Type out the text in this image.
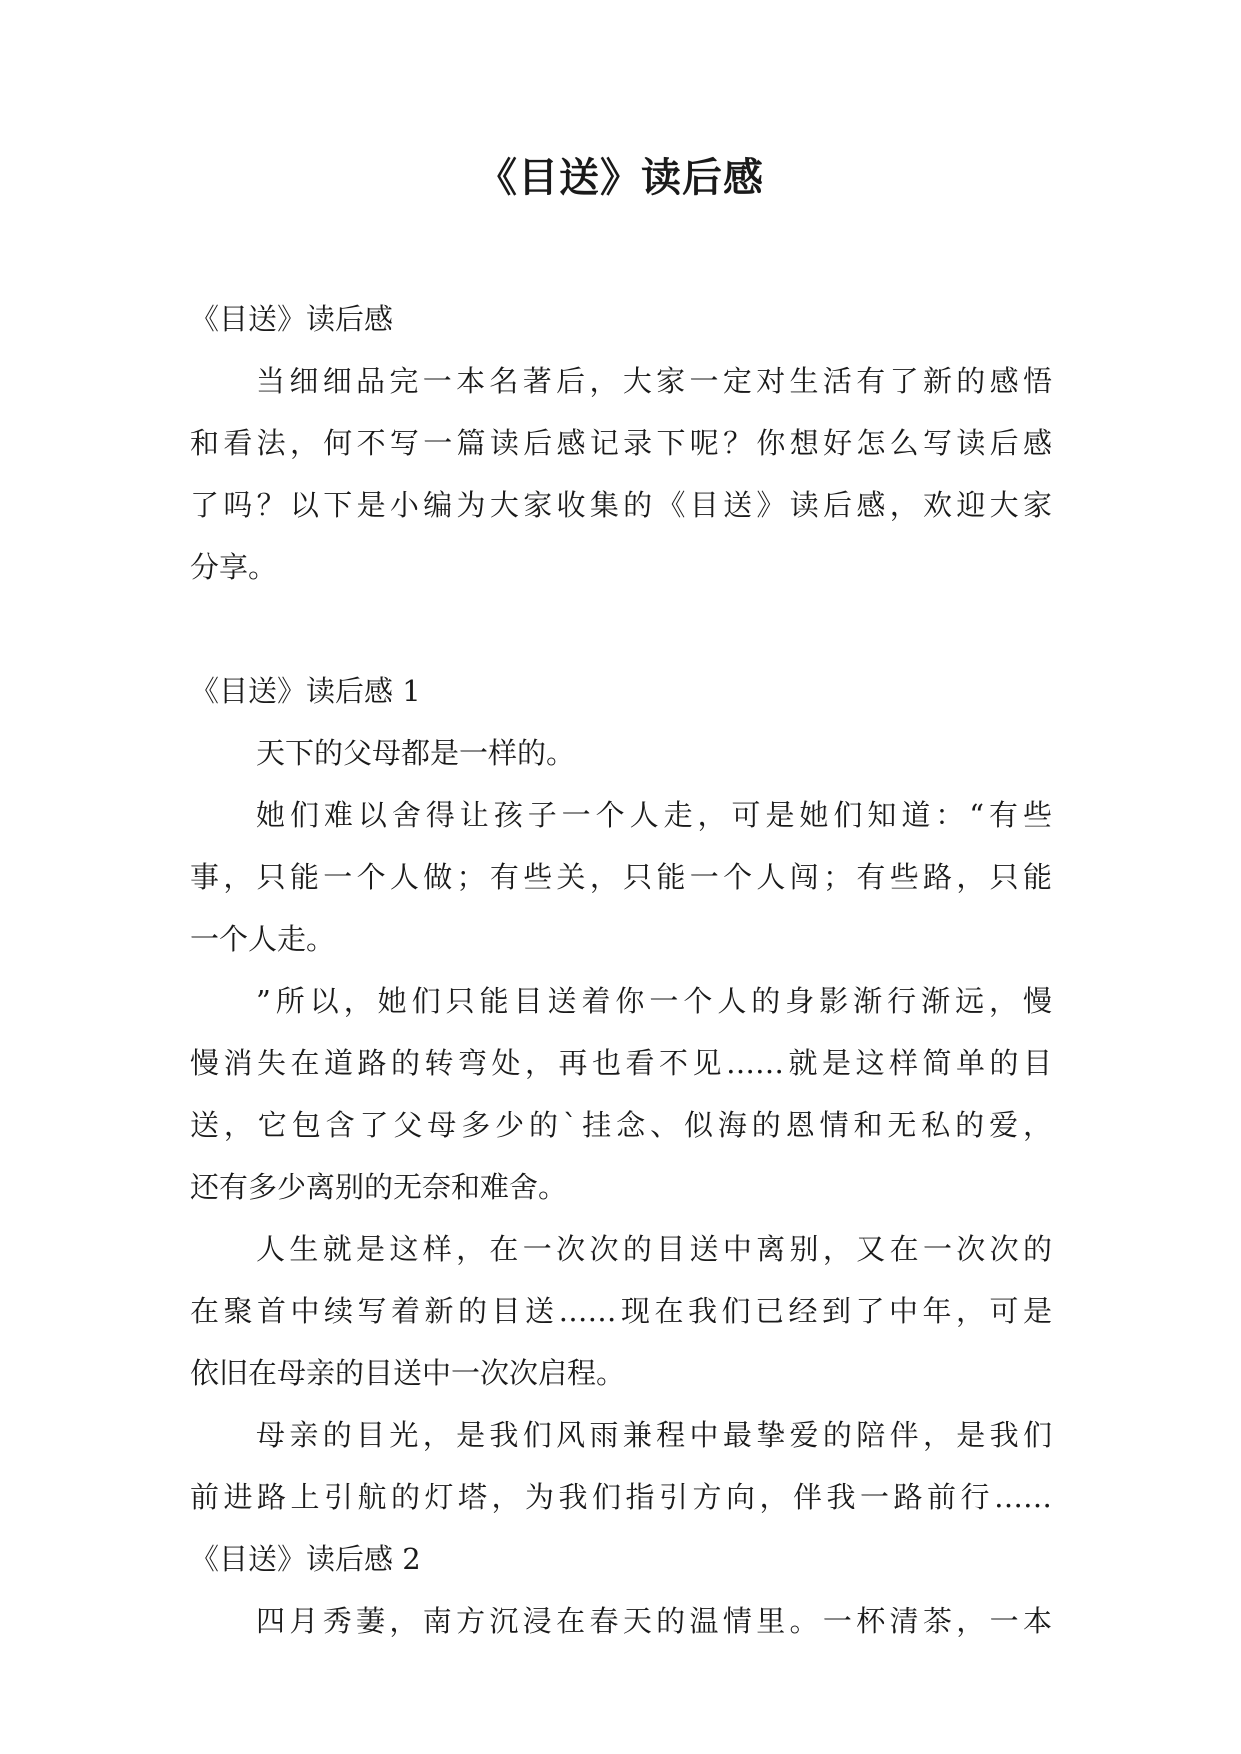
《目送》读后感
《目送》读后感
当细细品完一本名著后，大家一定对生活有了新的感悟
和看法，何不写一篇读后感记录下呢？你想好怎么写读后感
了吗？以下是小编为大家收集的《目送》读后感，欢迎大家
分享。
《目送》读后感 1
天下的父母都是一样的。
她们难以舍得让孩子一个人走，可是她们知道：“有些
事，只能一个人做；有些关，只能一个人闯；有些路，只能
一个人走。
”所以，她们只能目送着你一个人的身影渐行渐远，慢
慢消失在道路的转弯处，再也看不见……就是这样简单的目
送，它包含了父母多少的`挂念、似海的恩情和无私的爱，
还有多少离别的无奈和难舍。
人生就是这样，在一次次的目送中离别，又在一次次的
在聚首中续写着新的目送……现在我们已经到了中年，可是
依旧在母亲的目送中一次次启程。
母亲的目光，是我们风雨兼程中最挚爱的陪伴，是我们
前进路上引航的灯塔，为我们指引方向，伴我一路前行……
《目送》读后感 2
四月秀萋，南方沉浸在春天的温情里。一杯清茶，一本
